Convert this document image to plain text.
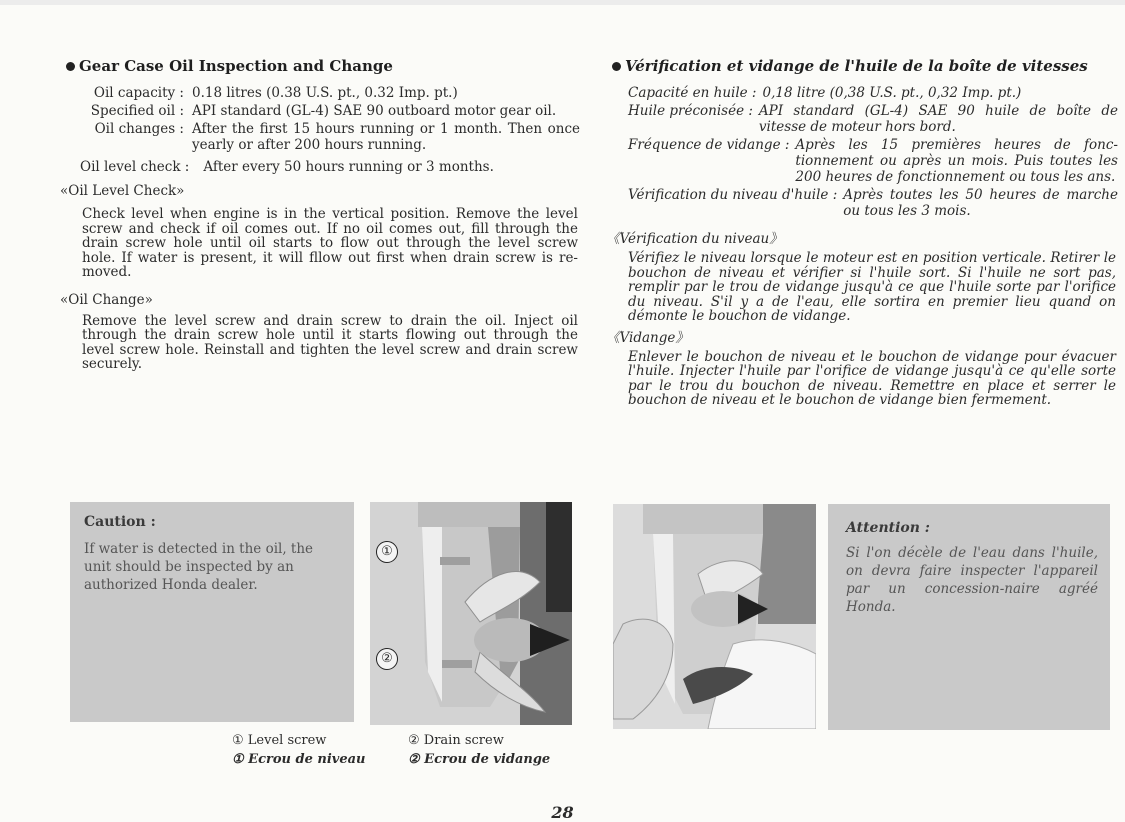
Gear Case Oil Inspection and Change
Oil capacity : 0.18 litres (0.38 U.S. pt., 0.32 Imp. pt.)
Specified oil : API standard (GL-4) SAE 90 outboard motor gear oil.
Oil changes : After the first 15 hours running or 1 month. Then once yearly or after 200 hours running.
Oil level check :	After every 50 hours running or 3 months.
«Oil Level Check»
Check level when engine is in the vertical position. Remove the level screw and check if oil comes out. If no oil comes out, fill through the drain screw hole until oil starts to flow out through the level screw hole. If water is present, it will fllow out first when drain screw is re-moved.
«Oil Change»
Remove the level screw and drain screw to drain the oil. Inject oil through the drain screw hole until it starts flowing out through the level screw hole. Reinstall and tighten the level screw and drain screw securely.
Vérification et vidange de l'huile de la boîte de vitesses
Capacité en huile : 0,18 litre (0,38 U.S. pt., 0,32 Imp. pt.)
Huile préconisée : API standard (GL-4) SAE 90 huile de boîte de vitesse de moteur hors bord.
Fréquence de vidange : Après les 15 premières heures de fonc-tionnement ou après un mois. Puis toutes les 200 heures de fonctionnement ou tous les ans.
Vérification du niveau d'huile : Après toutes les 50 heures de marche ou tous les 3 mois.
《Vérification du niveau》
Vérifiez le niveau lorsque le moteur est en position verticale. Retirer le bouchon de niveau et vérifier si l'huile sort. Si l'huile ne sort pas, remplir par le trou de vidange jusqu'à ce que l'huile sorte par l'orifice du niveau. S'il y a de l'eau, elle sortira en premier lieu quand on démonte le bouchon de vidange.
《Vidange》
Enlever le bouchon de niveau et le bouchon de vidange pour évacuer l'huile. Injecter l'huile par l'orifice de vidange jusqu'à ce qu'elle sorte par le trou du bouchon de niveau. Remettre en place et serrer le bouchon de niveau et le bouchon de vidange bien fermement.
Caution :
If water is detected in the oil, the unit should be inspected by an authorized Honda dealer.
①
②
Attention :
Si l'on décèle de l'eau dans l'huile, on devra faire inspecter l'appareil par un concession-naire agréé Honda.
① Level screw
① Ecrou de niveau
② Drain screw
② Ecrou de vidange
28
